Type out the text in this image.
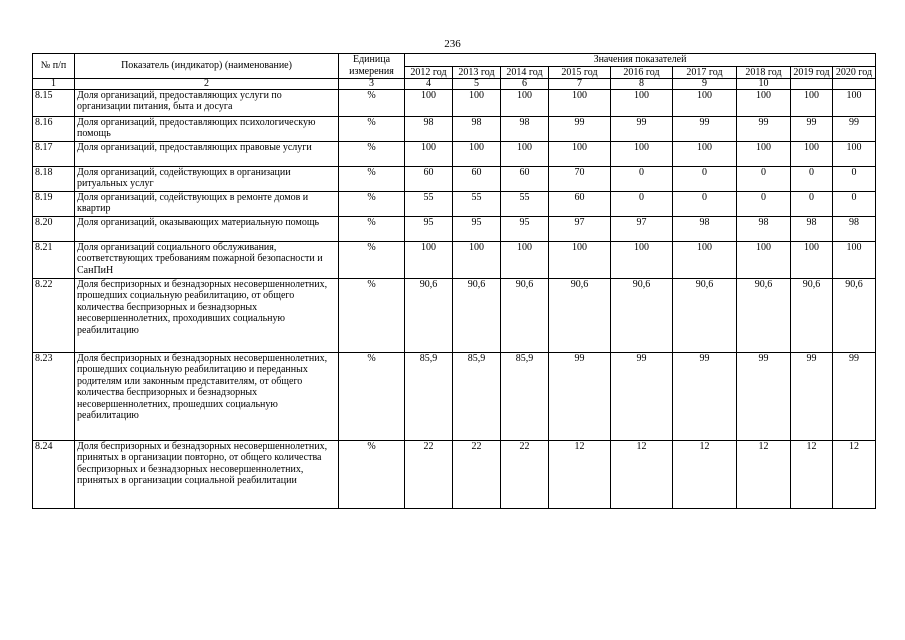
236
№ п/п	Показатель (индикатор) (наименование)	Единица измерения	Значения показателей								
			2012 год	2013 год	2014 год	2015 год	2016 год	2017 год	2018 год	2019 год	2020 год
1	2	3	4	5	6	7	8	9	10		
8.15	Доля организаций, предоставляющих услуги по организации питания, быта и досуга	%	100	100	100	100	100	100	100	100	100
8.16	Доля организаций, предоставляющих психологическую помощь	%	98	98	98	99	99	99	99	99	99
8.17	Доля организаций, предоставляющих правовые услуги	%	100	100	100	100	100	100	100	100	100
8.18	Доля организаций, содействующих в организации ритуальных услуг	%	60	60	60	70	0	0	0	0	0
8.19	Доля организаций, содействующих в ремонте домов и квартир	%	55	55	55	60	0	0	0	0	0
8.20	Доля организаций, оказывающих материальную помощь	%	95	95	95	97	97	98	98	98	98
8.21	Доля организаций социального обслуживания, соответствующих требованиям пожарной безопасности и СанПиН	%	100	100	100	100	100	100	100	100	100
8.22	Доля беспризорных и безнадзорных несовершеннолетних, прошедших социальную реабилитацию, от общего количества беспризорных и безнадзорных несовершеннолетних, проходивших социальную реабилитацию	%	90,6	90,6	90,6	90,6	90,6	90,6	90,6	90,6	90,6
8.23	Доля беспризорных и безнадзорных несовершеннолетних, прошедших социальную реабилитацию и переданных родителям или законным представителям, от общего количества беспризорных и безнадзорных несовершеннолетних, прошедших социальную реабилитацию	%	85,9	85,9	85,9	99	99	99	99	99	99
8.24	Доля беспризорных и безнадзорных несовершеннолетних, принятых в организации повторно, от общего количества беспризорных и безнадзорных несовершеннолетних, принятых в организации социальной реабилитации	%	22	22	22	12	12	12	12	12	12
